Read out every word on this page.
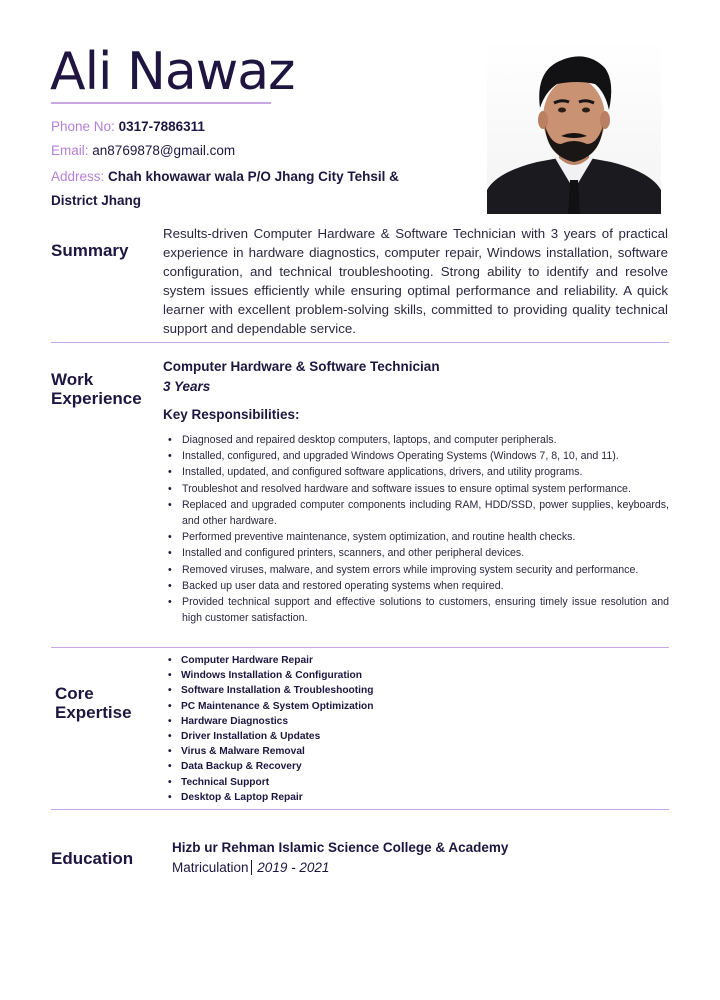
Ali Nawaz
Phone No: 0317-7886311
Email: an8769878@gmail.com
Address: Chah khowawar wala P/O Jhang City Tehsil & District Jhang
Summary
Results-driven Computer Hardware & Software Technician with 3 years of practical experience in hardware diagnostics, computer repair, Windows installation, software configuration, and technical troubleshooting. Strong ability to identify and resolve system issues efficiently while ensuring optimal performance and reliability. A quick learner with excellent problem-solving skills, committed to providing quality technical support and dependable service.
Work
Experience
Computer Hardware & Software Technician
3 Years
Key Responsibilities:
• Diagnosed and repaired desktop computers, laptops, and computer peripherals.
• Installed, configured, and upgraded Windows Operating Systems (Windows 7, 8, 10, and 11).
• Installed, updated, and configured software applications, drivers, and utility programs.
• Troubleshot and resolved hardware and software issues to ensure optimal system performance.
• Replaced and upgraded computer components including RAM, HDD/SSD, power supplies, keyboards, and other hardware.
• Performed preventive maintenance, system optimization, and routine health checks.
• Installed and configured printers, scanners, and other peripheral devices.
• Removed viruses, malware, and system errors while improving system security and performance.
• Backed up user data and restored operating systems when required.
• Provided technical support and effective solutions to customers, ensuring timely issue resolution and high customer satisfaction.
Core
Expertise
• Computer Hardware Repair
• Windows Installation & Configuration
• Software Installation & Troubleshooting
• PC Maintenance & System Optimization
• Hardware Diagnostics
• Driver Installation & Updates
• Virus & Malware Removal
• Data Backup & Recovery
• Technical Support
• Desktop & Laptop Repair
Education
Hizb ur Rehman Islamic Science College & Academy
Matriculation 2019 - 2021
